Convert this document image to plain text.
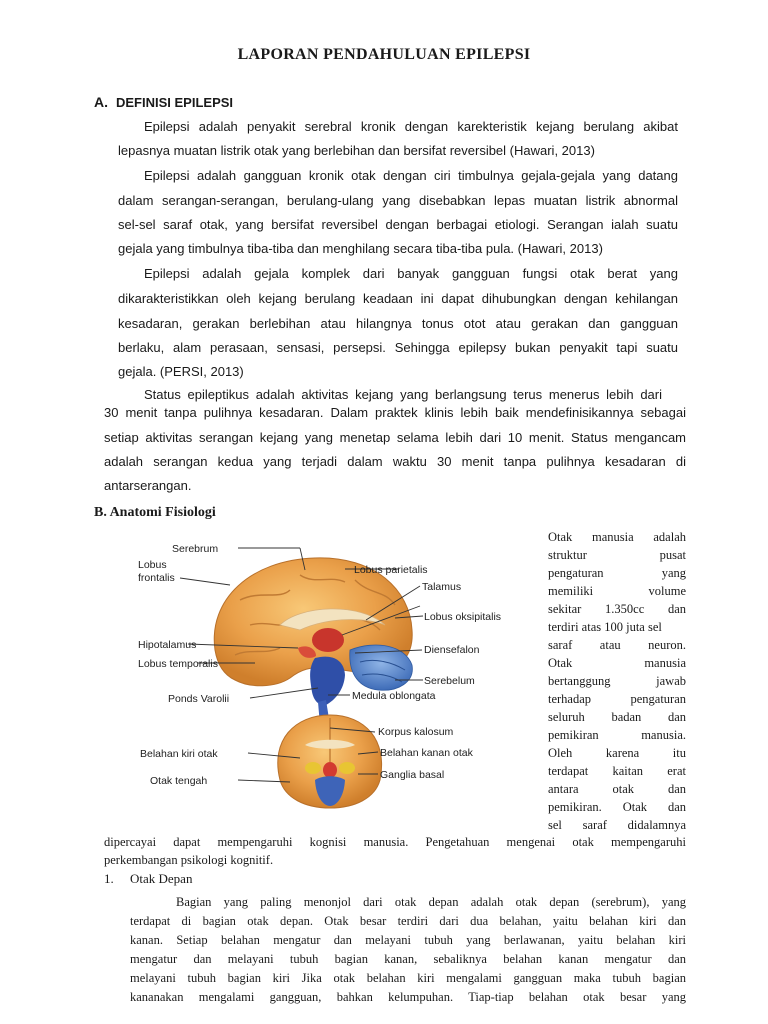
LAPORAN PENDAHULUAN EPILEPSI
A. DEFINISI EPILEPSI
Epilepsi adalah penyakit serebral kronik dengan karekteristik kejang berulang akibat
lepasnya muatan listrik otak yang berlebihan dan bersifat reversibel (Hawari, 2013)
Epilepsi adalah gangguan kronik otak dengan ciri timbulnya gejala-gejala yang datang
dalam serangan-serangan, berulang-ulang yang disebabkan lepas muatan listrik abnormal
sel-sel saraf otak, yang bersifat reversibel dengan berbagai etiologi. Serangan ialah suatu
gejala yang timbulnya tiba-tiba dan menghilang secara tiba-tiba pula. (Hawari, 2013)
Epilepsi adalah gejala komplek dari banyak gangguan fungsi otak berat yang
dikarakteristikkan oleh kejang berulang keadaan ini dapat dihubungkan dengan kehilangan
kesadaran, gerakan berlebihan atau hilangnya tonus otot atau gerakan dan gangguan
berlaku, alam perasaan, sensasi, persepsi. Sehingga epilepsy bukan penyakit tapi suatu
gejala. (PERSI, 2013)
Status epileptikus adalah aktivitas kejang yang berlangsung terus menerus lebih dari
30 menit tanpa pulihnya kesadaran. Dalam praktek klinis lebih baik mendefinisikannya sebagai
setiap aktivitas serangan kejang yang menetap selama lebih dari 10 menit. Status mengancam
adalah serangan kedua yang terjadi dalam waktu 30 menit tanpa pulihnya kesadaran di
antarserangan.
B. Anatomi Fisiologi
Serebrum
Lobus
frontalis
Lobus parietalis
Talamus
Lobus oksipitalis
Hipotalamus	Diensefalon
Lobus temporalis
Serebelum
Ponds Varolii	Medula oblongata
Korpus kalosum
Belahan kiri otak	Belahan kanan otak
Otak tengah	Ganglia basal
Otak manusia adalah
struktur pusat
pengaturan yang
memiliki volume
sekitar 1.350cc dan
terdiri atas 100 juta sel
saraf atau neuron.
Otak manusia
bertanggung jawab
terhadap pengaturan
seluruh badan dan
pemikiran manusia.
Oleh karena itu
terdapat kaitan erat
antara otak dan
pemikiran. Otak dan
sel saraf didalamnya
dipercayai dapat mempengaruhi kognisi manusia. Pengetahuan mengenai otak mempengaruhi
perkembangan psikologi kognitif.
1. Otak Depan
Bagian yang paling menonjol dari otak depan adalah otak depan (serebrum), yang
terdapat di bagian otak depan. Otak besar terdiri dari dua belahan, yaitu belahan kiri dan
kanan. Setiap belahan mengatur dan melayani tubuh yang berlawanan, yaitu belahan kiri
mengatur dan melayani tubuh bagian kanan, sebaliknya belahan kanan mengatur dan
melayani tubuh bagian kiri Jika otak belahan kiri mengalami gangguan maka tubuh bagian
kananakan mengalami gangguan, bahkan kelumpuhan. Tiap-tiap belahan otak besar yang
